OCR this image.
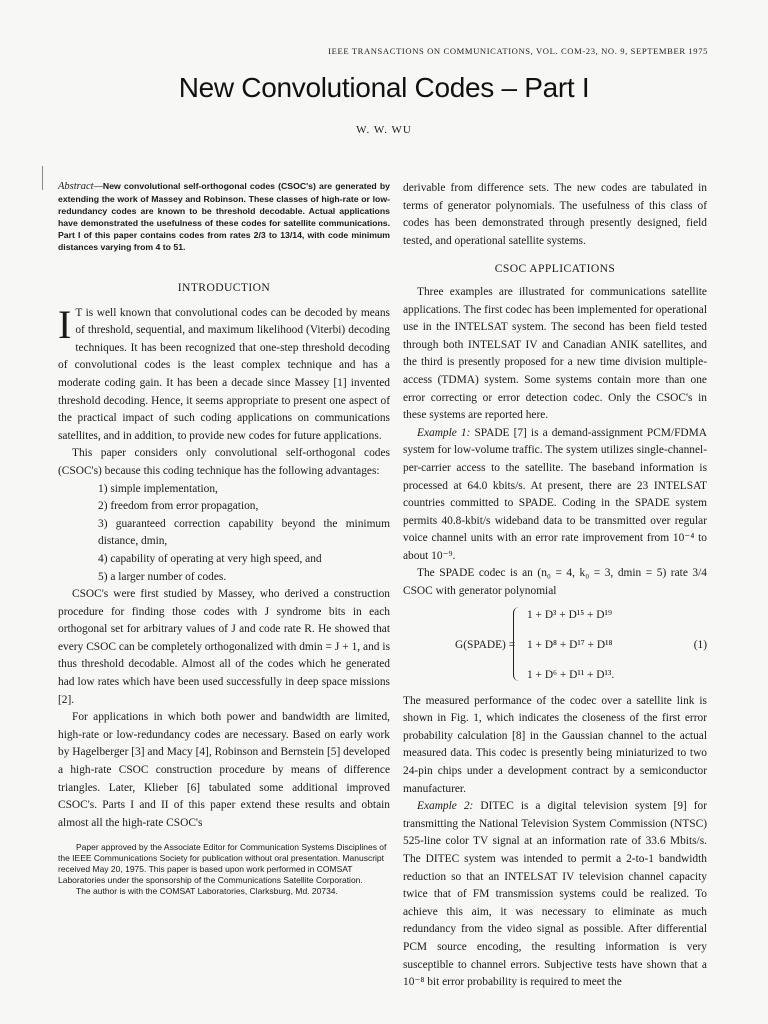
IEEE TRANSACTIONS ON COMMUNICATIONS, VOL. COM-23, NO. 9, SEPTEMBER 1975
New Convolutional Codes – Part I
W. W. WU

Abstract—New convolutional self-orthogonal codes (CSOC's) are generated by extending the work of Massey and Robinson. These classes of high-rate or low-redundancy codes are known to be threshold decodable. Actual applications have demonstrated the usefulness of these codes for satellite communications. Part I of this paper contains codes from rates 2/3 to 13/14, with code minimum distances varying from 4 to 51.

INTRODUCTION

I T is well known that convolutional codes can be decoded by means of threshold, sequential, and maximum likelihood (Viterbi) decoding techniques. It has been recognized that one-step threshold decoding of convolutional codes is the least complex technique and has a moderate coding gain. It has been a decade since Massey [1] invented threshold decoding. Hence, it seems appropriate to present one aspect of the practical impact of such coding applications on communications satellites, and in addition, to provide new codes for future applications.

This paper considers only convolutional self-orthogonal codes (CSOC's) because this coding technique has the following advantages:

1) simple implementation,

2) freedom from error propagation,

3) guaranteed correction capability beyond the minimum distance, dmin,

4) capability of operating at very high speed, and

5) a larger number of codes.

CSOC's were first studied by Massey, who derived a construction procedure for finding those codes with J syndrome bits in each orthogonal set for arbitrary values of J and code rate R. He showed that every CSOC can be completely orthogonalized with dmin = J + 1, and is thus threshold decodable. Almost all of the codes which he generated had low rates which have been used successfully in deep space missions [2].

For applications in which both power and bandwidth are limited, high-rate or low-redundancy codes are necessary. Based on early work by Hagelberger [3] and Macy [4], Robinson and Bernstein [5] developed a high-rate CSOC construction procedure by means of difference triangles. Later, Klieber [6] tabulated some additional improved CSOC's. Parts I and II of this paper extend these results and obtain almost all the high-rate CSOC's

Paper approved by the Associate Editor for Communication Systems Disciplines of the IEEE Communications Society for publication without oral presentation. Manuscript received May 20, 1975. This paper is based upon work performed in COMSAT Laboratories under the sponsorship of the Communications Satellite Corporation.

The author is with the COMSAT Laboratories, Clarksburg, Md. 20734.

derivable from difference sets. The new codes are tabulated in terms of generator polynomials. The usefulness of this class of codes has been demonstrated through presently designed, field tested, and operational satellite systems.

CSOC APPLICATIONS

Three examples are illustrated for communications satellite applications. The first codec has been implemented for operational use in the INTELSAT system. The second has been field tested through both INTELSAT IV and Canadian ANIK satellites, and the third is presently proposed for a new time division multiple-access (TDMA) system. Some systems contain more than one error correcting or error detection codec. Only the CSOC's in these systems are reported here.

Example 1: SPADE [7] is a demand-assignment PCM/FDMA system for low-volume traffic. The system utilizes single-channel-per-carrier access to the satellite. The baseband information is processed at 64.0 kbits/s. At present, there are 23 INTELSAT countries committed to SPADE. Coding in the SPADE system permits 40.8-kbit/s wideband data to be transmitted over regular voice channel units with an error rate improvement from 10⁻⁴ to about 10⁻⁹.

The SPADE codec is an (n₀ = 4, k₀ = 3, dmin = 5) rate 3/4 CSOC with generator polynomial

G(SPADE) =
1 + D³ + D¹⁵ + D¹⁹
1 + D⁸ + D¹⁷ + D¹⁸
1 + D⁶ + D¹¹ + D¹³.
(1)

The measured performance of the codec over a satellite link is shown in Fig. 1, which indicates the closeness of the first error probability calculation [8] in the Gaussian channel to the actual measured data. This codec is presently being miniaturized to two 24-pin chips under a development contract by a semiconductor manufacturer.

Example 2: DITEC is a digital television system [9] for transmitting the National Television System Commission (NTSC) 525-line color TV signal at an information rate of 33.6 Mbits/s. The DITEC system was intended to permit a 2-to-1 bandwidth reduction so that an INTELSAT IV television channel capacity twice that of FM transmission systems could be realized. To achieve this aim, it was necessary to eliminate as much redundancy from the video signal as possible. After differential PCM source encoding, the resulting information is very susceptible to channel errors. Subjective tests have shown that a 10⁻⁸ bit error probability is required to meet the
